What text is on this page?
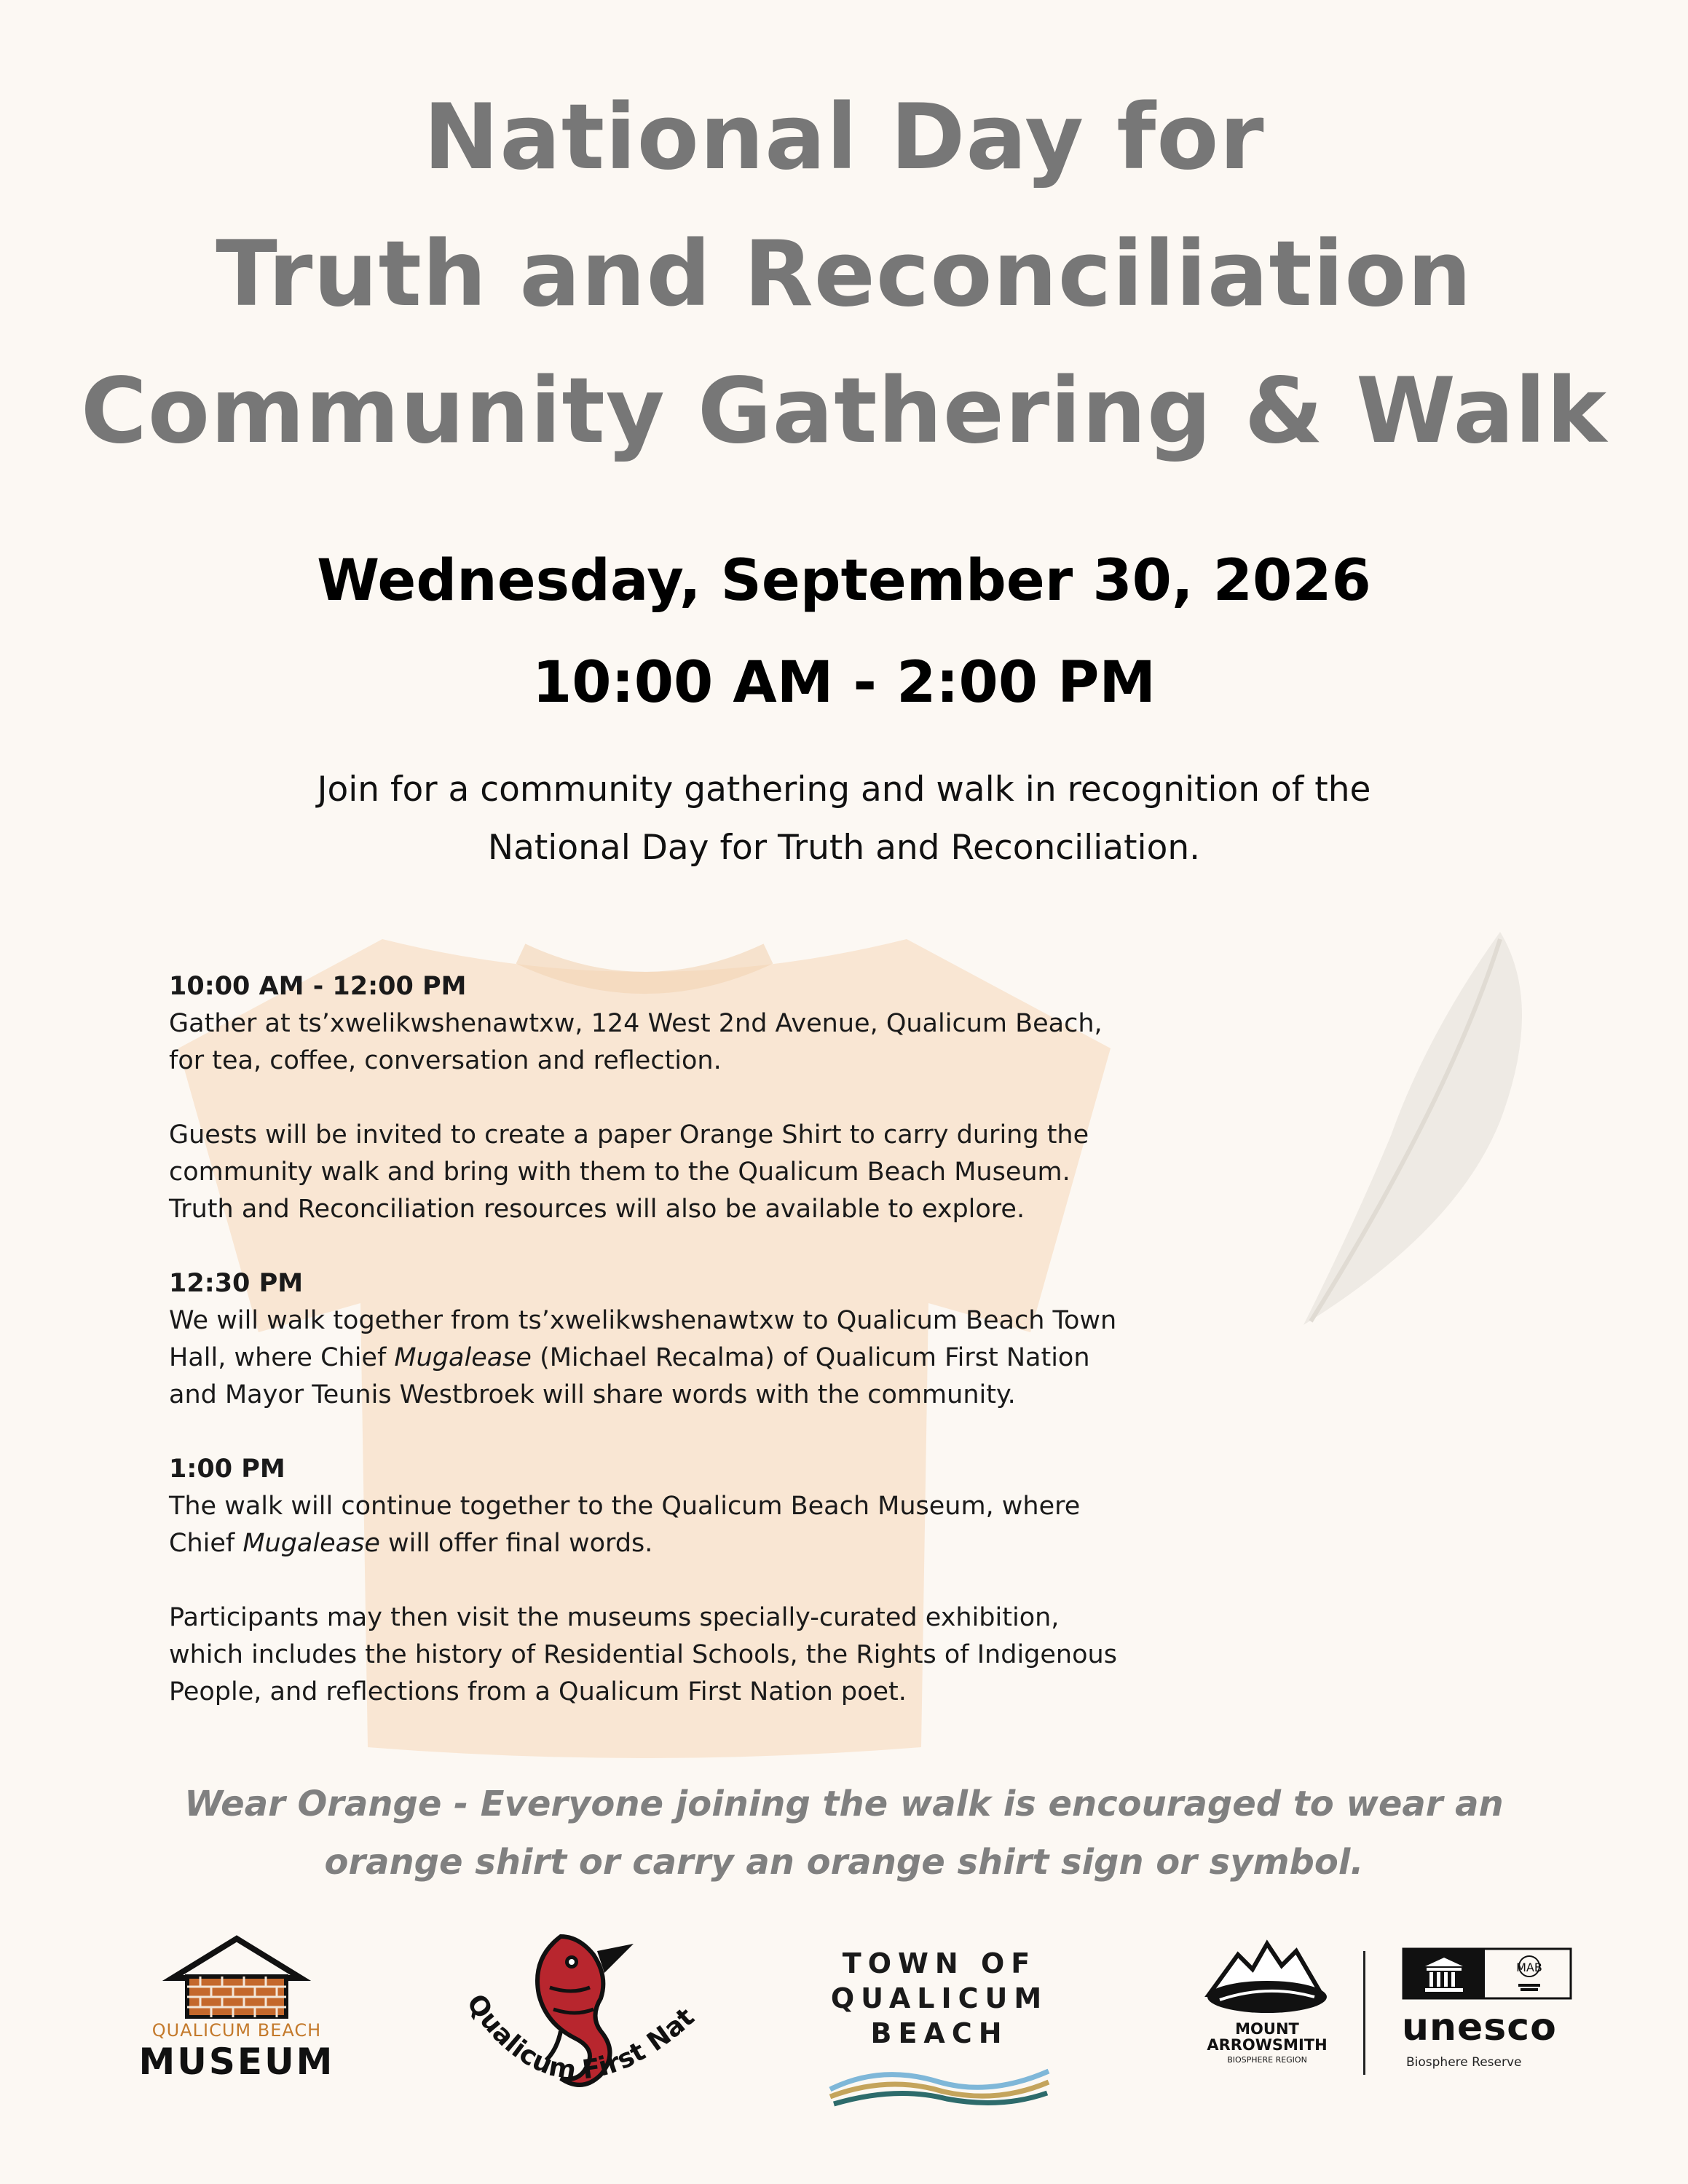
National Day for
Truth and Reconciliation
Community Gathering & Walk
Wednesday, September 30, 2026
10:00 AM - 2:00 PM
Join for a community gathering and walk in recognition of the
National Day for Truth and Reconciliation.
10:00 AM - 12:00 PM
Gather at ts’xwelikwshenawtxw, 124 West 2nd Avenue, Qualicum Beach,
for tea, coffee, conversation and reflection.
Guests will be invited to create a paper Orange Shirt to carry during the
community walk and bring with them to the Qualicum Beach Museum.
Truth and Reconciliation resources will also be available to explore.
12:30 PM
We will walk together from ts’xwelikwshenawtxw to Qualicum Beach Town
Hall, where Chief Mugalease (Michael Recalma) of Qualicum First Nation
and Mayor Teunis Westbroek will share words with the community.
1:00 PM
The walk will continue together to the Qualicum Beach Museum, where
Chief Mugalease will offer final words.
Participants may then visit the museums specially-curated exhibition,
which includes the history of Residential Schools, the Rights of Indigenous
People, and reflections from a Qualicum First Nation poet.
Wear Orange - Everyone joining the walk is encouraged to wear an
orange shirt or carry an orange shirt sign or symbol.
QUALICUM BEACH
MUSEUM
Qualicum First Nat
TOWN OF
QUALICUM
BEACH	MOUNT
ARROWSMITH
BIOSPHERE REGION
MAB
unesco
Biosphere Reserve
